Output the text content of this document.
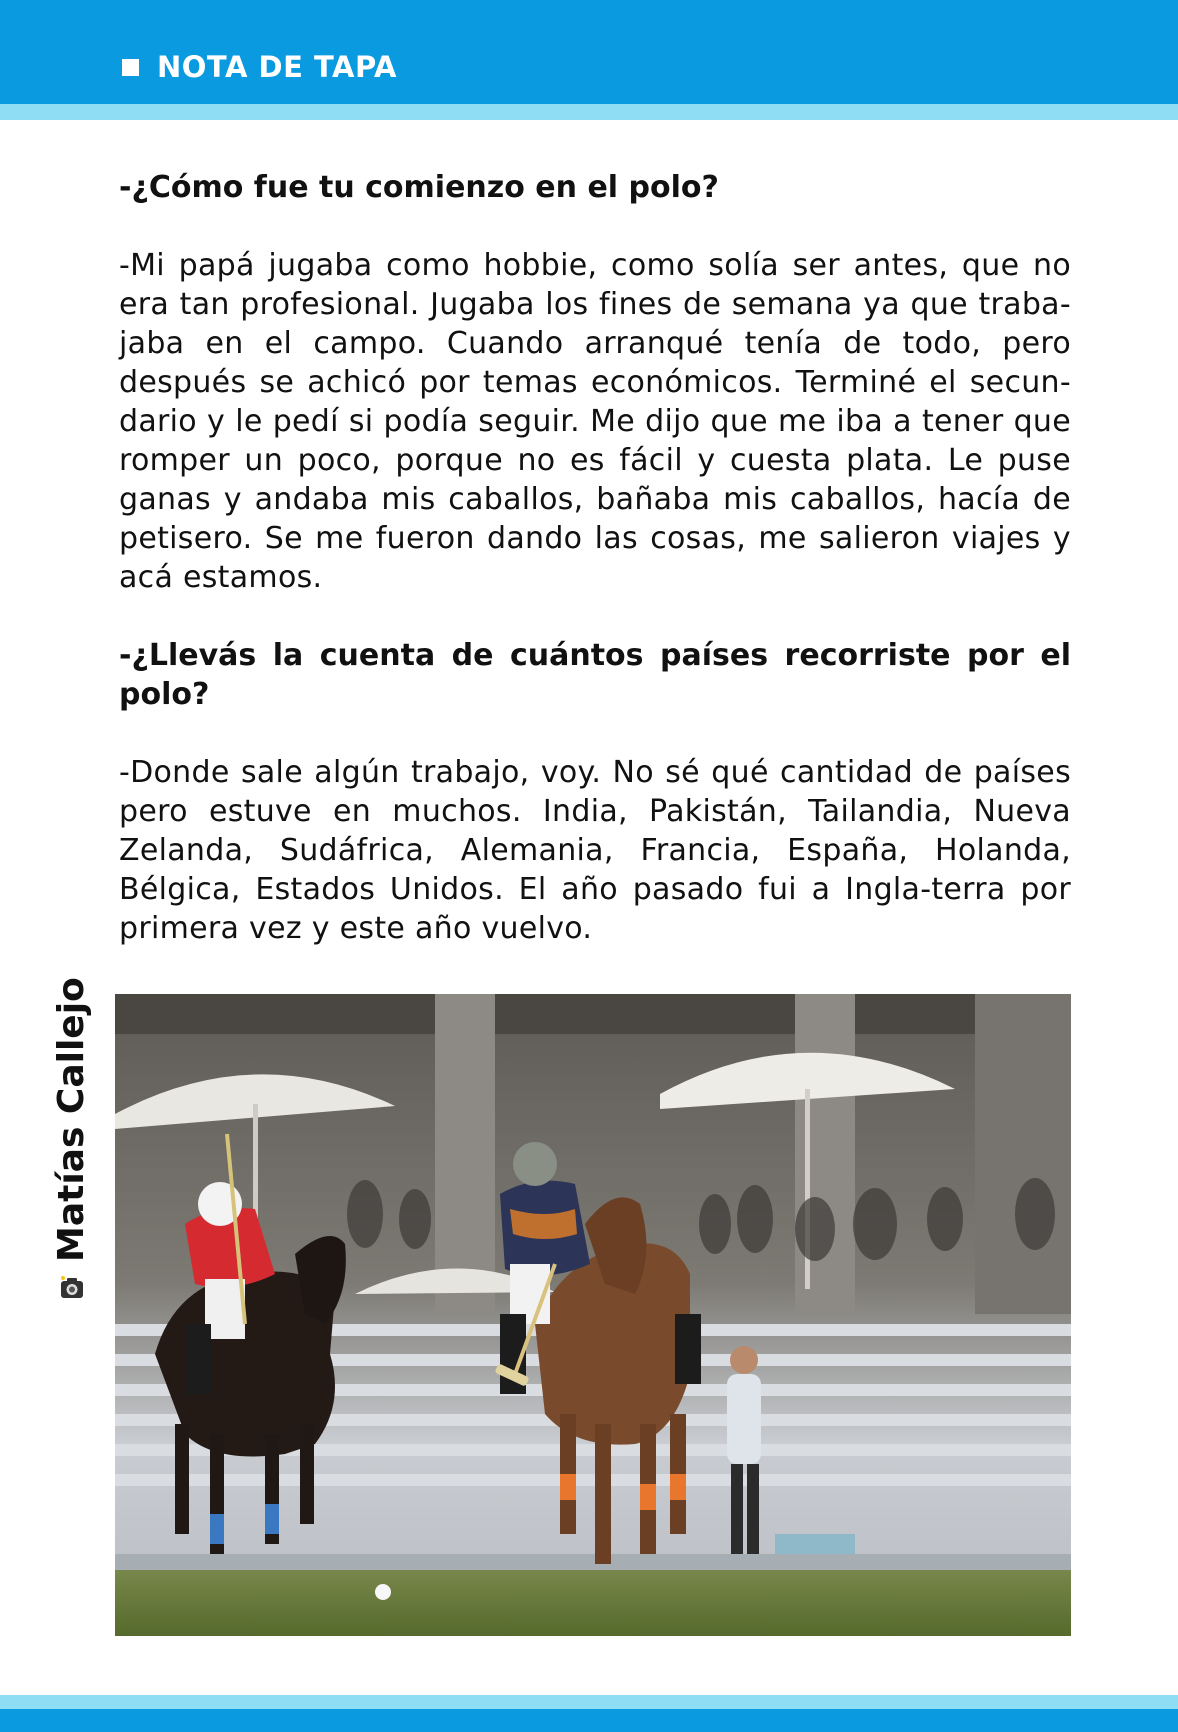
NOTA DE TAPA

-¿Cómo fue tu comienzo en el polo?

-Mi papá jugaba como hobbie, como solía ser antes, que no era tan profesional. Jugaba los fines de semana ya que traba-jaba en el campo. Cuando arranqué tenía de todo, pero después se achicó por temas económicos. Terminé el secun-dario y le pedí si podía seguir. Me dijo que me iba a tener que romper un poco, porque no es fácil y cuesta plata. Le puse ganas y andaba mis caballos, bañaba mis caballos, hacía de petisero. Se me fueron dando las cosas, me salieron viajes y acá estamos.

-¿Llevás la cuenta de cuántos países recorriste por el polo?

-Donde sale algún trabajo, voy. No sé qué cantidad de países pero estuve en muchos. India, Pakistán, Tailandia, Nueva Zelanda, Sudáfrica, Alemania, Francia, España, Holanda, Bélgica, Estados Unidos. El año pasado fui a Ingla-terra por primera vez y este año vuelvo.

Matías Callejo
